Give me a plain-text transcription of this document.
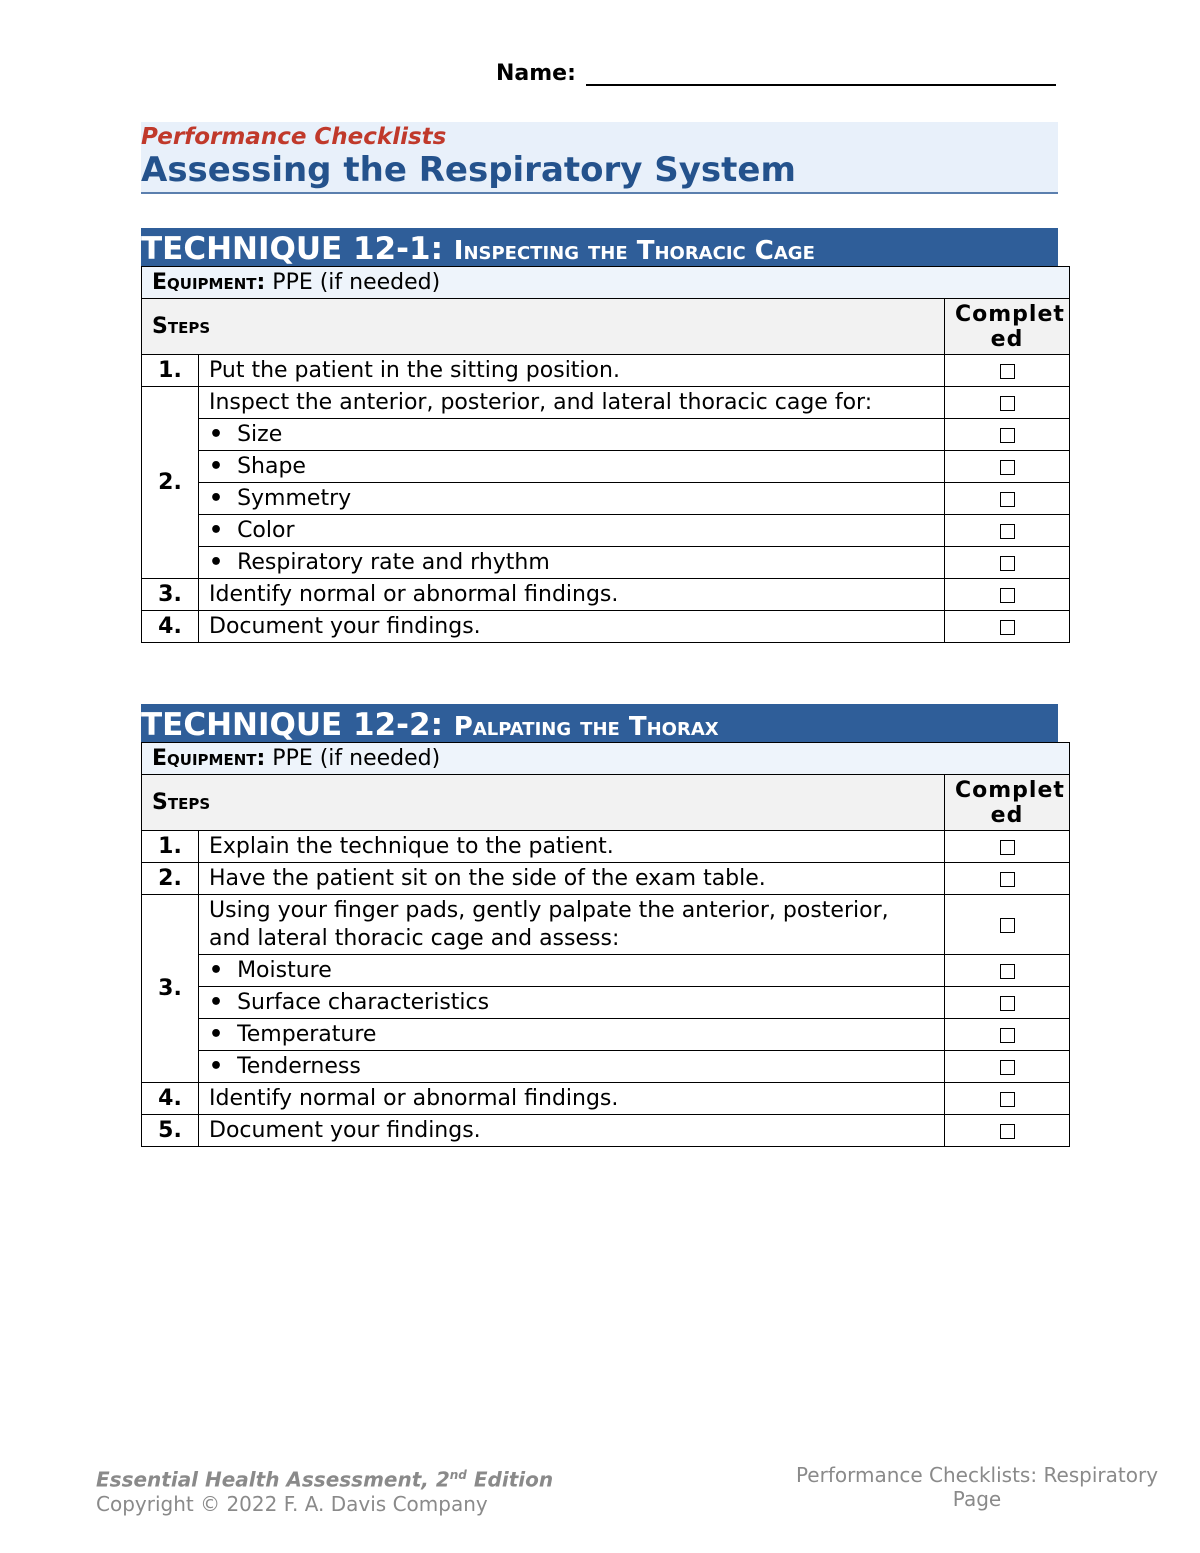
Name:
Performance Checklists
Assessing the Respiratory System
TECHNIQUE 12-1: Inspecting the Thoracic Cage
Equipment: PPE (if needed)		
Steps		Complet
ed
1.	Put the patient in the sitting position.	
2.	Inspect the anterior, posterior, and lateral thoracic cage for:	
	• Size	
	• Shape	
	• Symmetry	
	• Color	
	• Respiratory rate and rhythm	
3.	Identify normal or abnormal findings.	
4.	Document your findings.	
TECHNIQUE 12-2: Palpating the Thorax
Equipment: PPE (if needed)		
Steps		Complet
ed
1.	Explain the technique to the patient.	
2.	Have the patient sit on the side of the exam table.	
3.	Using your finger pads, gently palpate the anterior, posterior, and lateral thoracic cage and assess:	
	• Moisture	
	• Surface characteristics	
	• Temperature	
	• Tenderness	
4.	Identify normal or abnormal findings.	
5.	Document your findings.	
Essential Health Assessment, 2nd Edition
Copyright © 2022 F. A. Davis Company
Performance Checklists: Respiratory
Page
